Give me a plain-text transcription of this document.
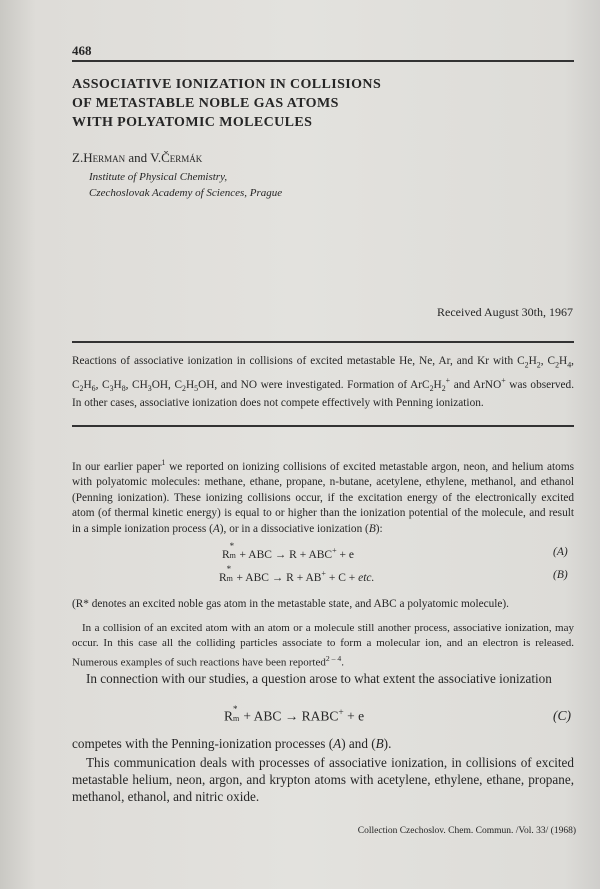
468
ASSOCIATIVE IONIZATION IN COLLISIONS
OF METASTABLE NOBLE GAS ATOMS
WITH POLYATOMIC MOLECULES
Z.Herman and V.Čermák
Institute of Physical Chemistry,
Czechoslovak Academy of Sciences, Prague
Received August 30th, 1967
Reactions of associative ionization in collisions of excited metastable He, Ne, Ar, and Kr with $C_2H_2$, $C_2H_4$, $C_2H_6$, $C_3H_8$, $CH_3OH$, $C_2H_5OH$, and NO were investigated. Formation of $ArC_2H_2^+$ and ArNO+ was observed. In other cases, associative ionization does not compete effectively with Penning ionization.
In our earlier paper$^1$ we reported on ionizing collisions of excited metastable argon, neon, and helium atoms with polyatomic molecules: methane, ethane, propane, n-butane, acetylene, ethylene, methanol, and ethanol (Penning ionization). These ionizing collisions occur, if the excitation energy of the electronically excited atom (of thermal kinetic energy) is equal to or higher than the ionization potential of the molecule, and result in a simple ionization process (A), or in a dissociative ionization (B):
R
*
m + ABC → R + ABC+ + e	(A)
R
*
m + ABC → R + AB+ + C + etc.	(B)
(R* denotes an excited noble gas atom in the metastable state, and ABC a polyatomic molecule).
In a collision of an excited atom with an atom or a molecule still another process, associative ionization, may occur. In this case all the colliding particles associate to form a molecular ion, and an electron is released. Numerous examples of such reactions have been reported$^{2 - 4}$.
In connection with our studies, a question arose to what extent the associative ionization
R *
m + ABC → RABC+ + e	(C)
competes with the Penning-ionization processes (A) and (B).
This communication deals with processes of associative ionization, in collisions of excited metastable helium, neon, argon, and krypton atoms with acetylene, ethylene, ethane, propane, methanol, ethanol, and nitric oxide.
Collection Czechoslov. Chem. Commun. /Vol. 33/ (1968)
